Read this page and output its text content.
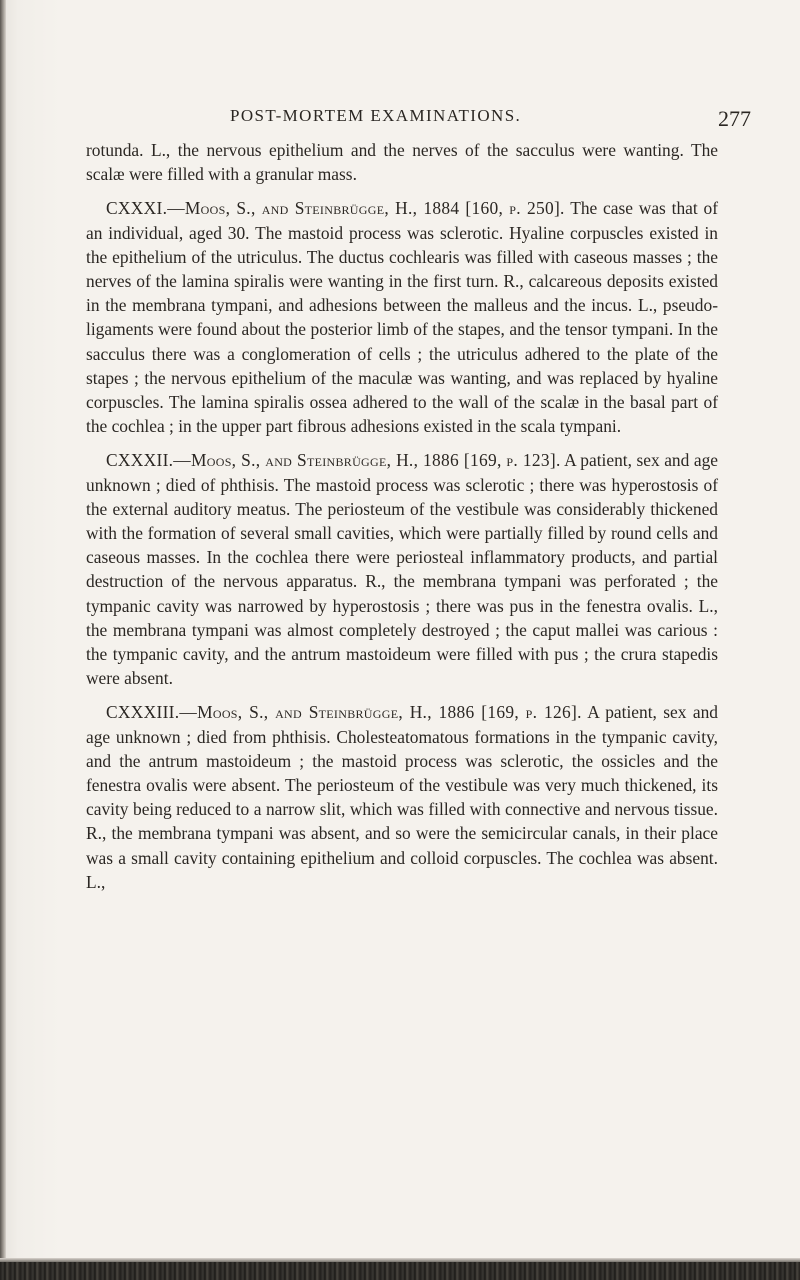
POST-MORTEM EXAMINATIONS.	277

rotunda. L., the nervous epithelium and the nerves of the sacculus were wanting. The scalæ were filled with a granular mass.

CXXXI.—Moos, S., and Steinbrügge, H., 1884 [160, p. 250]. The case was that of an individual, aged 30. The mastoid process was sclerotic. Hyaline corpuscles existed in the epithelium of the utriculus. The ductus cochlearis was filled with caseous masses ; the nerves of the lamina spiralis were wanting in the first turn. R., calcareous deposits existed in the membrana tympani, and adhesions between the malleus and the incus. L., pseudo-ligaments were found about the posterior limb of the stapes, and the tensor tympani. In the sacculus there was a conglomeration of cells ; the utriculus adhered to the plate of the stapes ; the nervous epithelium of the maculæ was wanting, and was replaced by hyaline corpuscles. The lamina spiralis ossea adhered to the wall of the scalæ in the basal part of the cochlea ; in the upper part fibrous adhesions existed in the scala tympani.

CXXXII.—Moos, S., and Steinbrügge, H., 1886 [169, p. 123]. A patient, sex and age unknown ; died of phthisis. The mastoid process was sclerotic ; there was hyperostosis of the external auditory meatus. The periosteum of the vestibule was considerably thickened with the formation of several small cavities, which were partially filled by round cells and caseous masses. In the cochlea there were periosteal inflammatory products, and partial destruction of the nervous apparatus. R., the membrana tympani was perforated ; the tympanic cavity was narrowed by hyperostosis ; there was pus in the fenestra ovalis. L., the membrana tympani was almost completely destroyed ; the caput mallei was carious : the tympanic cavity, and the antrum mastoideum were filled with pus ; the crura stapedis were absent.

CXXXIII.—Moos, S., and Steinbrügge, H., 1886 [169, p. 126]. A patient, sex and age unknown ; died from phthisis. Cholesteatomatous formations in the tympanic cavity, and the antrum mastoideum ; the mastoid process was sclerotic, the ossicles and the fenestra ovalis were absent. The periosteum of the vestibule was very much thickened, its cavity being reduced to a narrow slit, which was filled with connective and nervous tissue. R., the membrana tympani was absent, and so were the semicircular canals, in their place was a small cavity containing epithelium and colloid corpuscles. The cochlea was absent. L.,
